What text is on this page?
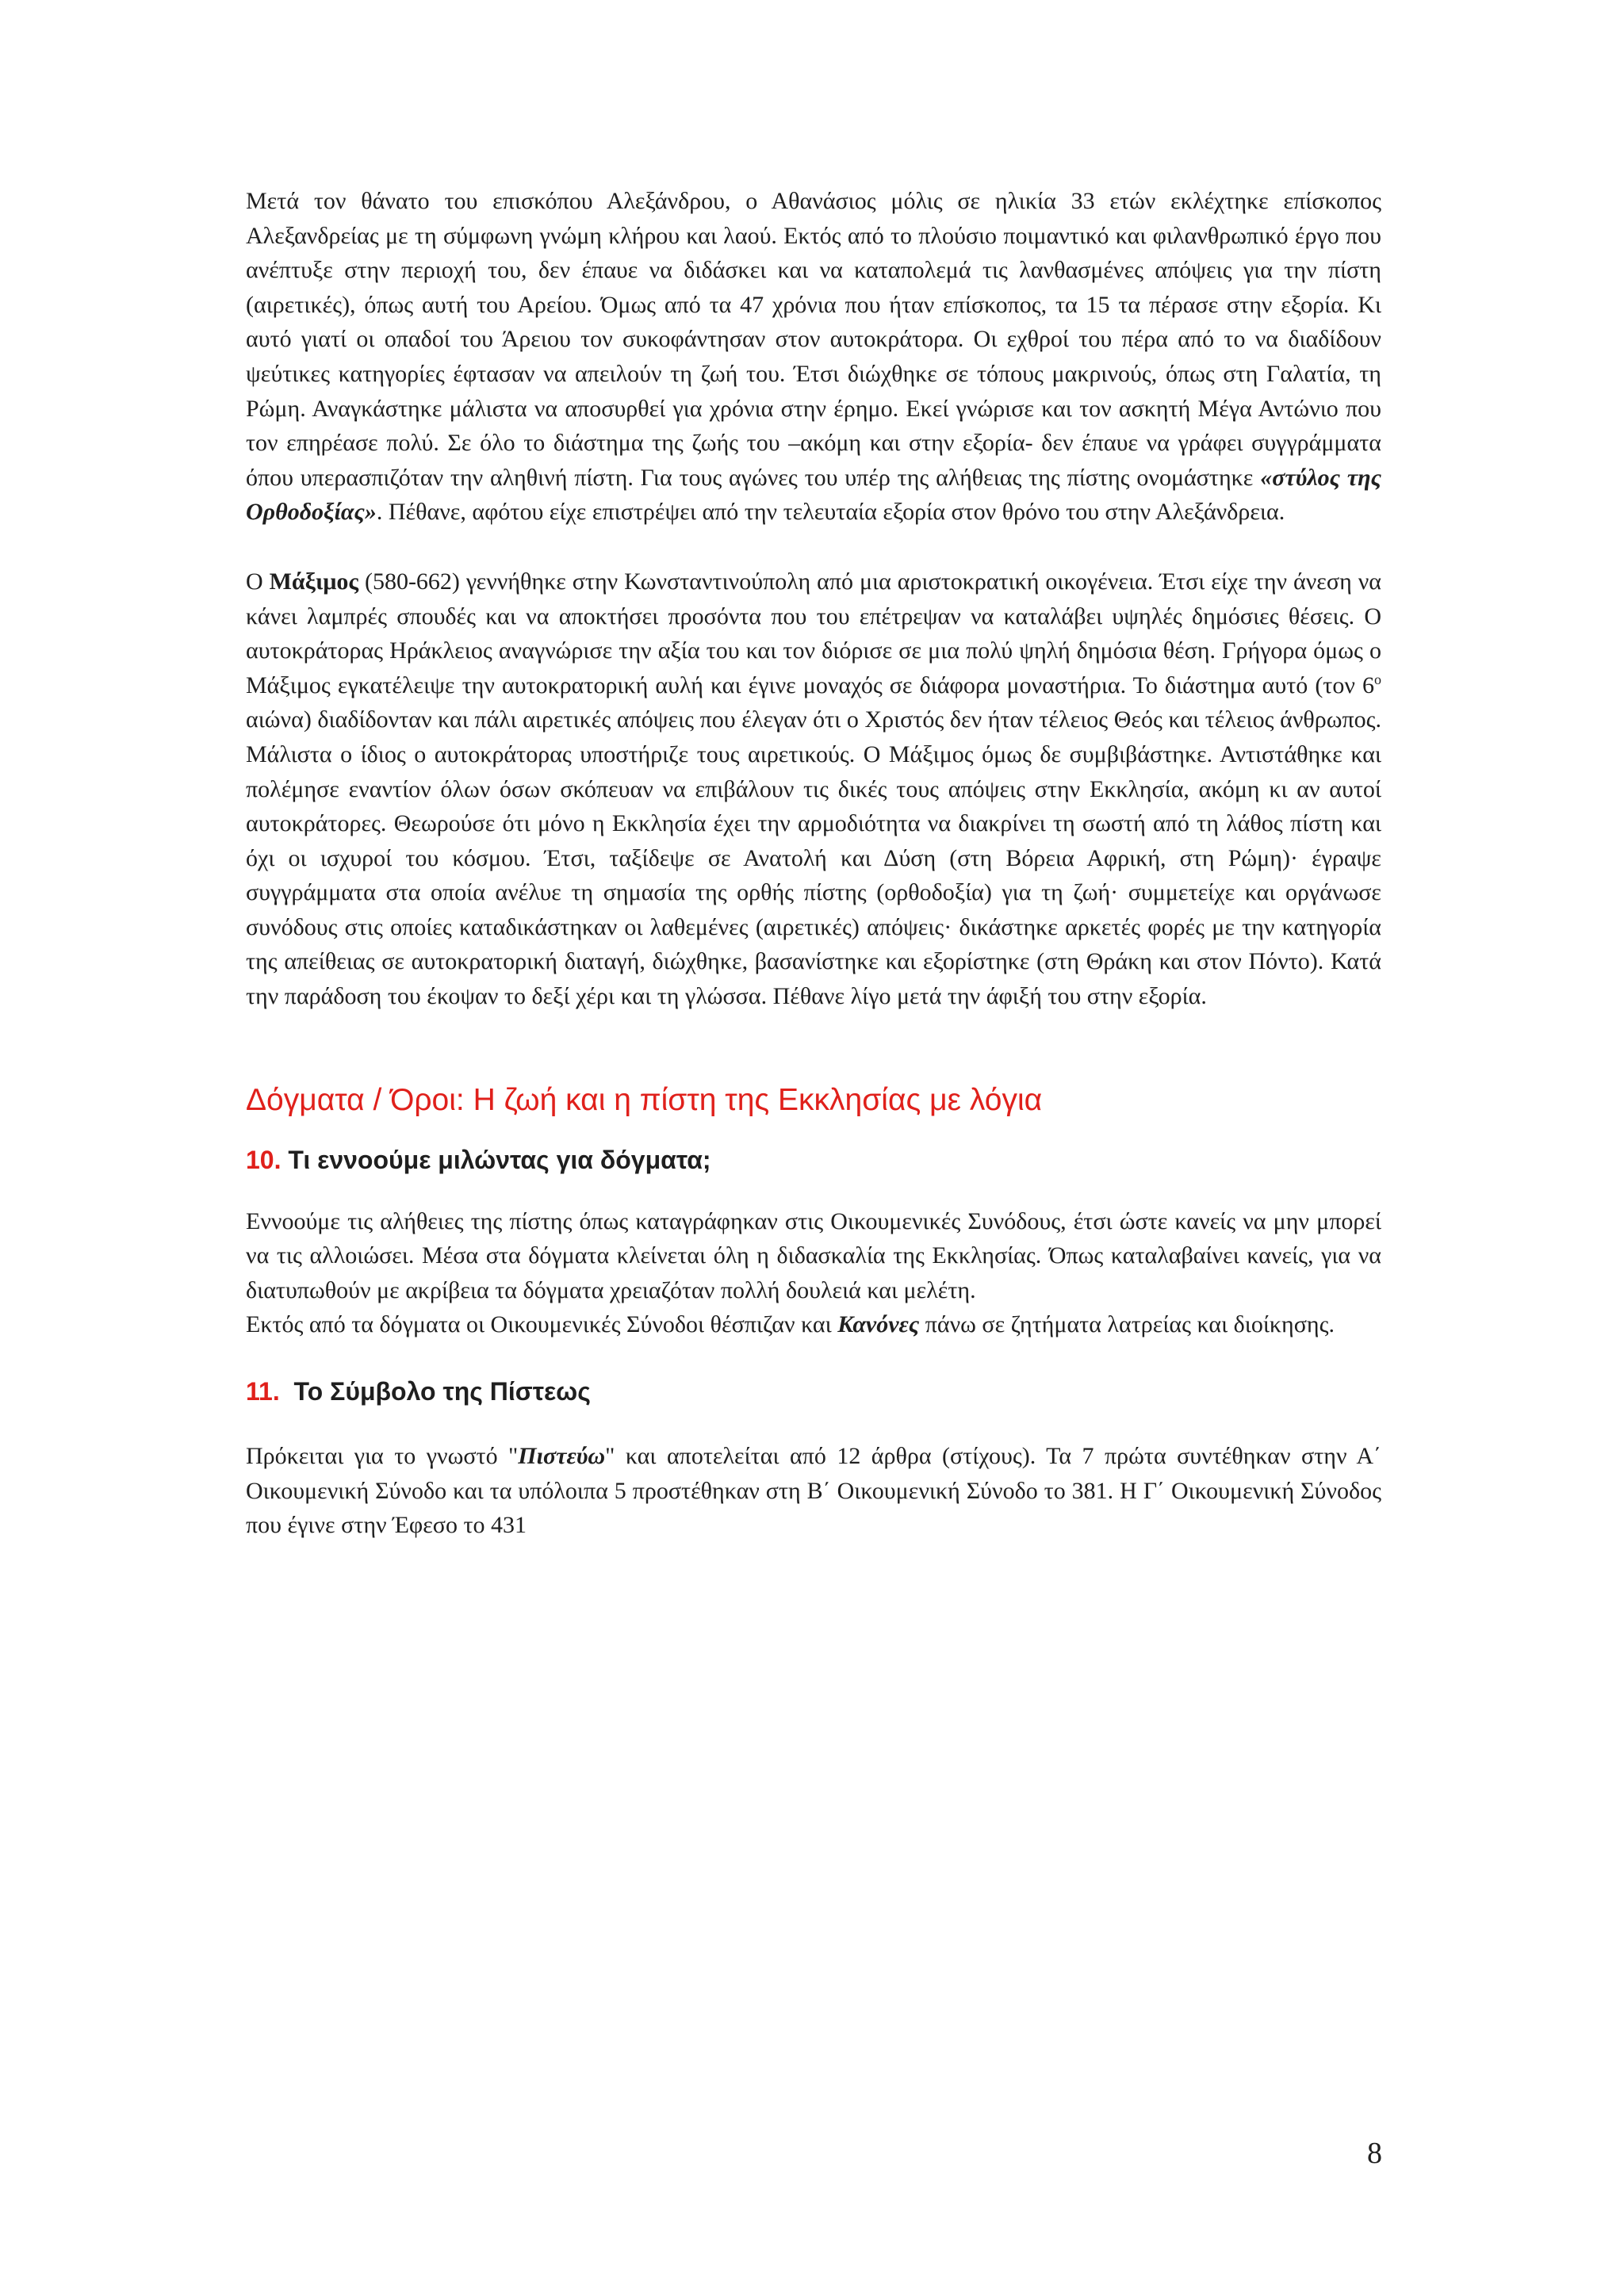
Μετά τον θάνατο του επισκόπου Αλεξάνδρου, ο Αθανάσιος μόλις σε ηλικία 33 ετών εκλέχτηκε επίσκοπος Αλεξανδρείας με τη σύμφωνη γνώμη κλήρου και λαού. Εκτός από το πλούσιο ποιμαντικό και φιλανθρωπικό έργο που ανέπτυξε στην περιοχή του, δεν έπαυε να διδάσκει και να καταπολεμά τις λανθασμένες απόψεις για την πίστη (αιρετικές), όπως αυτή του Αρείου. Όμως από τα 47 χρόνια που ήταν επίσκοπος, τα 15 τα πέρασε στην εξορία. Κι αυτό γιατί οι οπαδοί του Άρειου τον συκοφάντησαν στον αυτοκράτορα. Οι εχθροί του πέρα από το να διαδίδουν ψεύτικες κατηγορίες έφτασαν να απειλούν τη ζωή του. Έτσι διώχθηκε σε τόπους μακρινούς, όπως στη Γαλατία, τη Ρώμη. Αναγκάστηκε μάλιστα να αποσυρθεί για χρόνια στην έρημο. Εκεί γνώρισε και τον ασκητή Μέγα Αντώνιο που τον επηρέασε πολύ. Σε όλο το διάστημα της ζωής του –ακόμη και στην εξορία- δεν έπαυε να γράφει συγγράμματα όπου υπερασπιζόταν την αληθινή πίστη. Για τους αγώνες του υπέρ της αλήθειας της πίστης ονομάστηκε «στύλος της Ορθοδοξίας». Πέθανε, αφότου είχε επιστρέψει από την τελευταία εξορία στον θρόνο του στην Αλεξάνδρεια.

Ο Μάξιμος (580-662) γεννήθηκε στην Κωνσταντινούπολη από μια αριστοκρατική οικογένεια. Έτσι είχε την άνεση να κάνει λαμπρές σπουδές και να αποκτήσει προσόντα που του επέτρεψαν να καταλάβει υψηλές δημόσιες θέσεις. Ο αυτοκράτορας Ηράκλειος αναγνώρισε την αξία του και τον διόρισε σε μια πολύ ψηλή δημόσια θέση. Γρήγορα όμως ο Μάξιμος εγκατέλειψε την αυτοκρατορική αυλή και έγινε μοναχός σε διάφορα μοναστήρια. Το διάστημα αυτό (τον $6^o$ αιώνα) διαδίδονταν και πάλι αιρετικές απόψεις που έλεγαν ότι ο Χριστός δεν ήταν τέλειος Θεός και τέλειος άνθρωπος. Μάλιστα ο ίδιος ο αυτοκράτορας υποστήριζε τους αιρετικούς. Ο Μάξιμος όμως δε συμβιβάστηκε. Αντιστάθηκε και πολέμησε εναντίον όλων όσων σκόπευαν να επιβάλουν τις δικές τους απόψεις στην Εκκλησία, ακόμη κι αν αυτοί αυτοκράτορες. Θεωρούσε ότι μόνο η Εκκλησία έχει την αρμοδιότητα να διακρίνει τη σωστή από τη λάθος πίστη και όχι οι ισχυροί του κόσμου. Έτσι, ταξίδεψε σε Ανατολή και Δύση (στη Βόρεια Αφρική, στη Ρώμη)· έγραψε συγγράμματα στα οποία ανέλυε τη σημασία της ορθής πίστης (ορθοδοξία) για τη ζωή· συμμετείχε και οργάνωσε συνόδους στις οποίες καταδικάστηκαν οι λαθεμένες (αιρετικές) απόψεις· δικάστηκε αρκετές φορές με την κατηγορία της απείθειας σε αυτοκρατορική διαταγή, διώχθηκε, βασανίστηκε και εξορίστηκε (στη Θράκη και στον Πόντο). Κατά την παράδοση του έκοψαν το δεξί χέρι και τη γλώσσα. Πέθανε λίγο μετά την άφιξή του στην εξορία.

Δόγματα / Όροι: Η ζωή και η πίστη της Εκκλησίας με λόγια
10. Τι εννοούμε μιλώντας για δόγματα;

Εννοούμε τις αλήθειες της πίστης όπως καταγράφηκαν στις Οικουμενικές Συνόδους, έτσι ώστε κανείς να μην μπορεί να τις αλλοιώσει. Μέσα στα δόγματα κλείνεται όλη η διδασκαλία της Εκκλησίας. Όπως καταλαβαίνει κανείς, για να διατυπωθούν με ακρίβεια τα δόγματα χρειαζόταν πολλή δουλειά και μελέτη.

Εκτός από τα δόγματα οι Οικουμενικές Σύνοδοι θέσπιζαν και Κανόνες πάνω σε ζητήματα λατρείας και διοίκησης.

11. Το Σύμβολο της Πίστεως

Πρόκειται για το γνωστό "Πιστεύω" και αποτελείται από 12 άρθρα (στίχους). Τα 7 πρώτα συντέθηκαν στην Α΄ Οικουμενική Σύνοδο και τα υπόλοιπα 5 προστέθηκαν στη Β΄ Οικουμενική Σύνοδο το 381. Η Γ΄ Οικουμενική Σύνοδος που έγινε στην Έφεσο το 431

8
